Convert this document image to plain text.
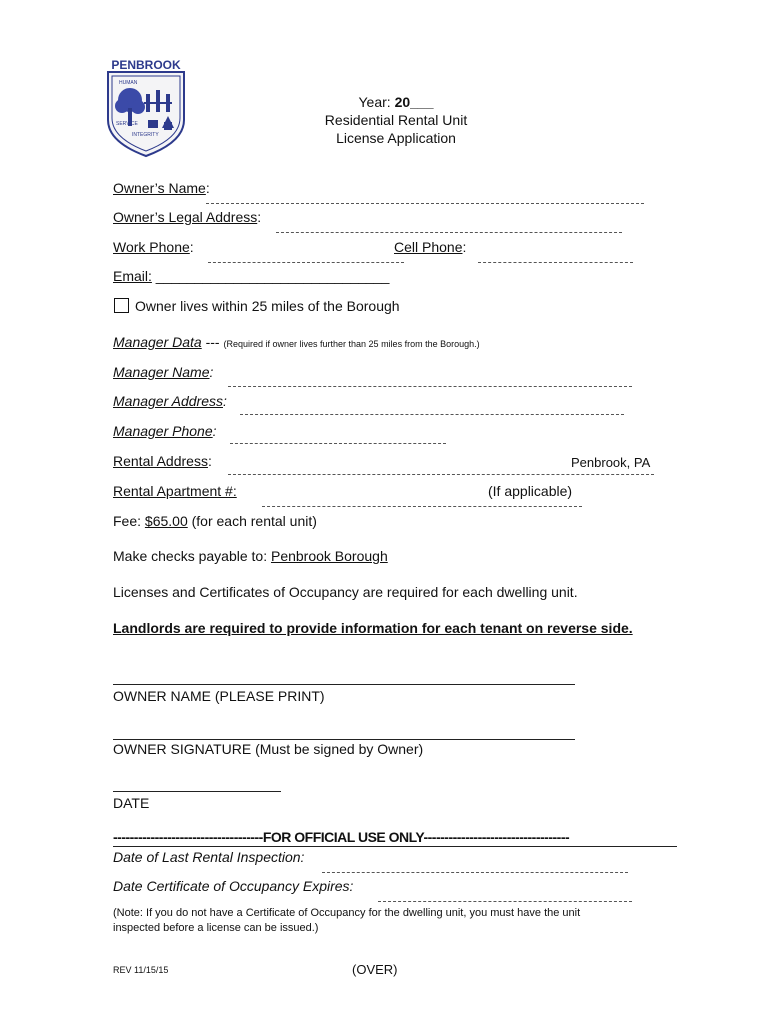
PENBROOK
HUMAN
SERVICE
INTEGRITY
Year: 20___
Residential Rental Unit
License Application
Owner’s Name:
Owner’s Legal Address:
Work Phone:	Cell Phone:
Email: ______________________________
Owner lives within 25 miles of the Borough
Manager Data --- (Required if owner lives further than 25 miles from the Borough.)
Manager Name:
Manager Address:
Manager Phone:
Rental Address:	Penbrook, PA
Rental Apartment #:	(If applicable)
Fee: $65.00 (for each rental unit)
Make checks payable to: Penbrook Borough
Licenses and Certificates of Occupancy are required for each dwelling unit.
Landlords are required to provide information for each tenant on reverse side.
OWNER NAME (PLEASE PRINT)
OWNER SIGNATURE (Must be signed by Owner)
DATE
------------------------------------FOR OFFICIAL USE ONLY-----------------------------------
Date of Last Rental Inspection:
Date Certificate of Occupancy Expires:
(Note: If you do not have a Certificate of Occupancy for the dwelling unit, you must have the unit
inspected before a license can be issued.)
REV 11/15/15	(OVER)
